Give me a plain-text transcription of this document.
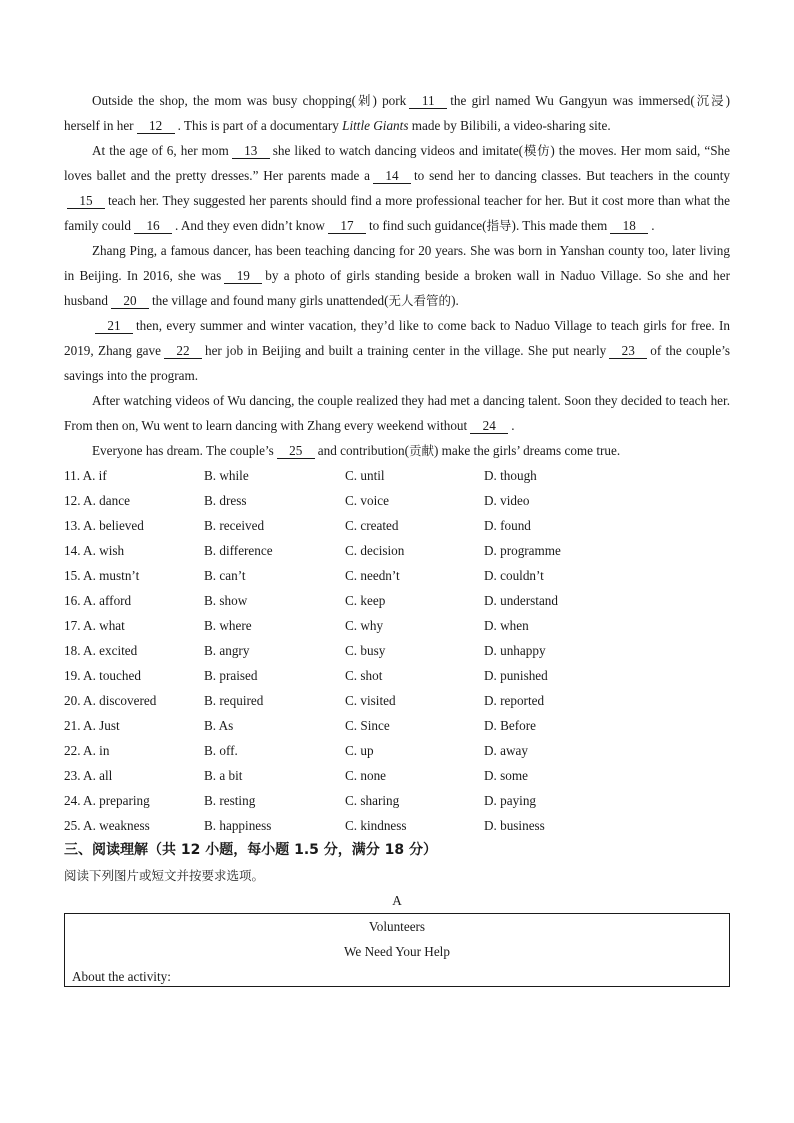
Outside the shop, the mom was busy chopping(剁) pork 11 the girl named Wu Gangyun was immersed(沉浸) herself in her 12 . This is part of a documentary Little Giants made by Bilibili, a video-sharing site.

At the age of 6, her mom 13 she liked to watch dancing videos and imitate(模仿) the moves. Her mom said, “She loves ballet and the pretty dresses.” Her parents made a 14 to send her to dancing classes. But teachers in the county15 teach her. They suggested her parents should find a more professional teacher for her. But it cost more than what the family could 16 . And they even didn’t know 17 to find such guidance(指导). This made them 18 .

Zhang Ping, a famous dancer, has been teaching dancing for 20 years. She was born in Yanshan county too, later living in Beijing. In 2016, she was 19 by a photo of girls standing beside a broken wall in Naduo Village. So she and her husband 20 the village and found many girls unattended(无人看管的).

21 then, every summer and winter vacation, they’d like to come back to Naduo Village to teach girls for free. In 2019, Zhang gave 22 her job in Beijing and built a training center in the village. She put nearly 23 of the couple’s savings into the program.

After watching videos of Wu dancing, the couple realized they had met a dancing talent. Soon they decided to teach her. From then on, Wu went to learn dancing with Zhang every weekend without 24 .

Everyone has dream. The couple’s 25 and contribution(贡献) make the girls’ dreams come true.

11. A. if	B. while	C. until	D. though
12. A. dance	B. dress	C. voice	D. video
13. A. believed	B. received	C. created	D. found
14. A. wish	B. difference	C. decision	D. programme
15. A. mustn’t	B. can’t	C. needn’t	D. couldn’t
16. A. afford	B. show	C. keep	D. understand
17. A. what	B. where	C. why	D. when
18. A. excited	B. angry	C. busy	D. unhappy
19. A. touched	B. praised	C. shot	D. punished
20. A. discovered	B. required	C. visited	D. reported
21. A. Just	B. As	C. Since	D. Before
22. A. in	B. off.	C. up	D. away
23. A. all	B. a bit	C. none	D. some
24. A. preparing	B. resting	C. sharing	D. paying
25. A. weakness	B. happiness	C. kindness	D. business
三、阅读理解（共 12 小题，每小题 1.5 分，满分 18 分）
阅读下列图片或短文并按要求选项。
A
Volunteers
We Need Your Help
About the activity:
